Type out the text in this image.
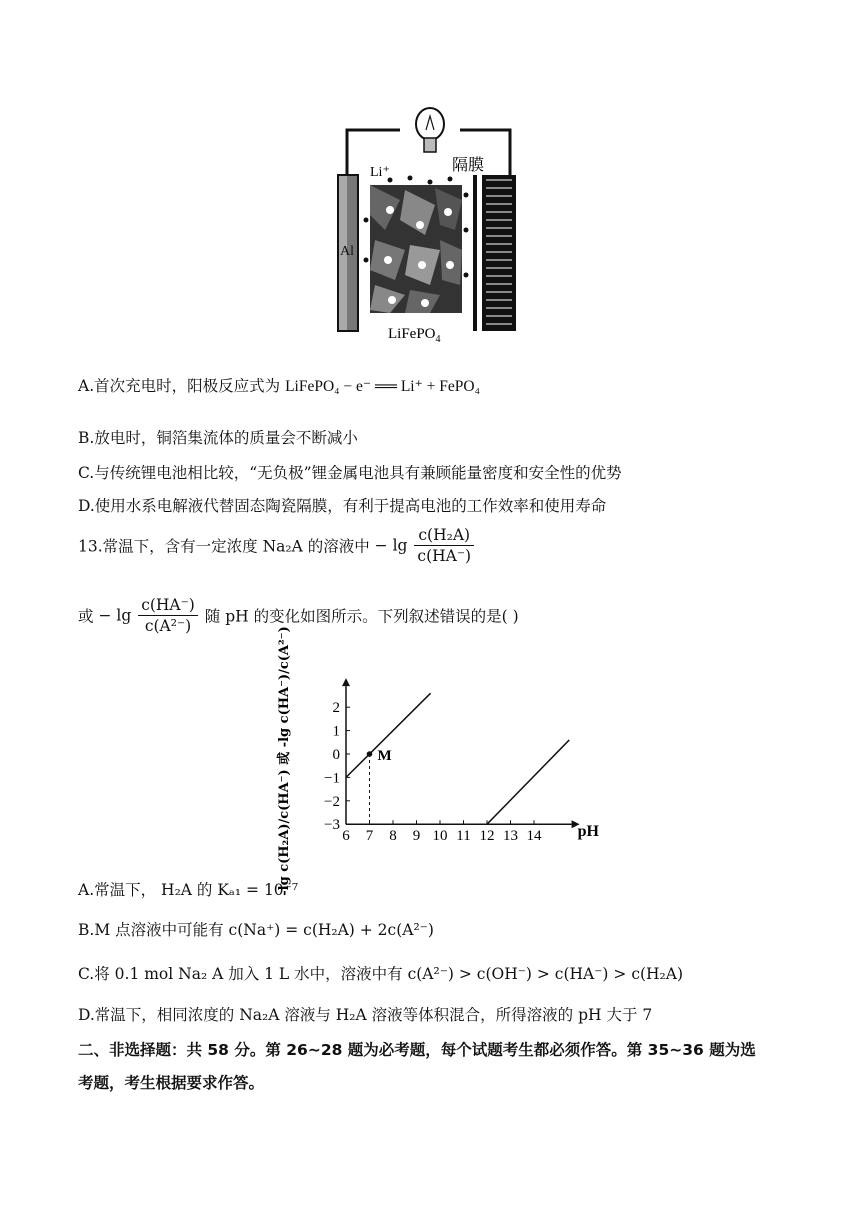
Li⁺	隔膜
Al
LiFePO$_4$
A.首次充电时，阳极反应式为 LiFePO₄ − e⁻ ══ Li⁺ + FePO₄
B.放电时，铜箔集流体的质量会不断减小
C.与传统锂电池相比较，“无负极”锂金属电池具有兼顾能量密度和安全性的优势
D.使用水系电解液代替固态陶瓷隔膜，有利于提高电池的工作效率和使用寿命
13.常温下，含有一定浓度 Na₂A 的溶液中 − $\lg \frac{\text{c(H₂A)}}{c(HA^-)}$
或 − $\lg \frac{c(HA^-)}{\text{c(A²⁻)}}$ 随 pH 的变化如图所示。下列叙述错误的是( )
6 7 8 9 10 11 12 13 14
2
1
0
−1
−2
−3	pH
-lg c(H₂A)/c(HA⁻) 或 -lg c(HA⁻)/c(A²⁻)	M
A.常温下， H₂A 的 Kₐ₁ = 10⁻⁷
B.M 点溶液中可能有 c(Na⁺) = c(H₂A) + 2c(A²⁻)
C.将 0.1 mol Na₂ A 加入 1 L 水中，溶液中有 c(A²⁻) > c(OH⁻) > c(HA⁻) > c(H₂A)
D.常温下，相同浓度的 Na₂A 溶液与 H₂A 溶液等体积混合，所得溶液的 pH 大于 7
二、非选择题：共 58 分。第 26~28 题为必考题，每个试题考生都必须作答。第 35~36 题为选
考题，考生根据要求作答。
